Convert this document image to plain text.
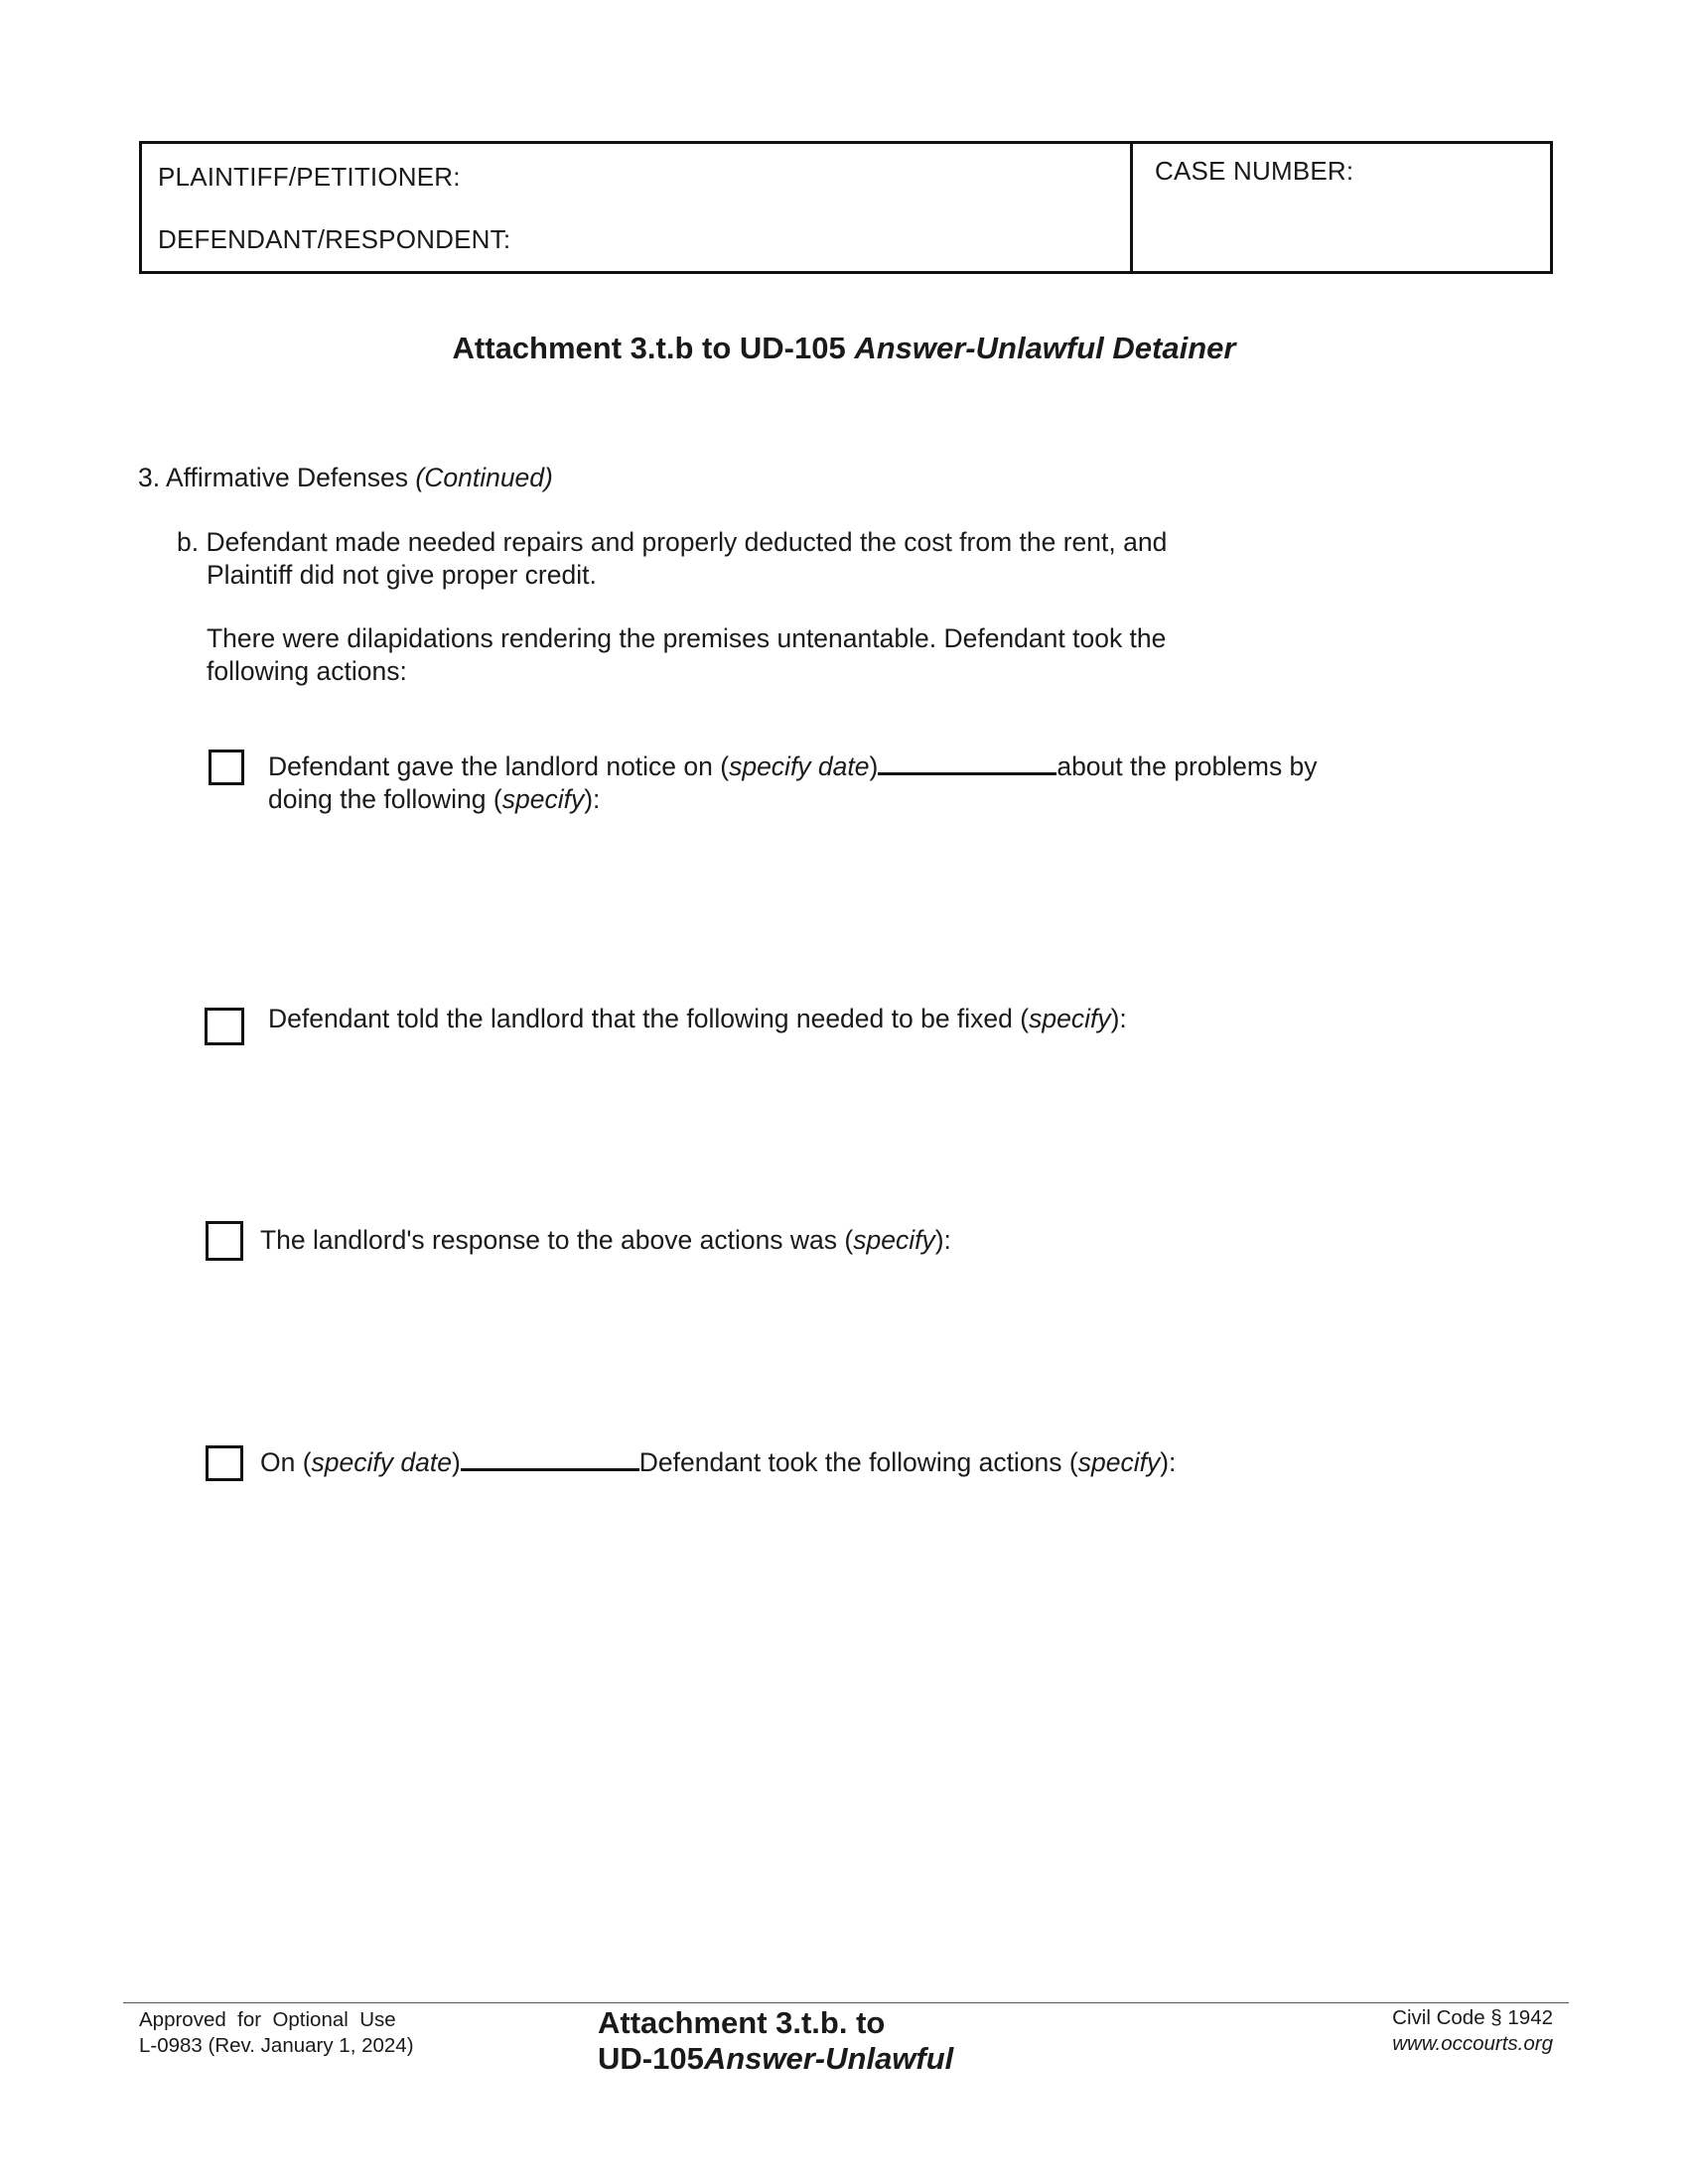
PLAINTIFF/PETITIONER:
DEFENDANT/RESPONDENT:
CASE NUMBER:
Attachment 3.t.b to UD-105 Answer-Unlawful Detainer
3. Affirmative Defenses (Continued)
b. Defendant made needed repairs and properly deducted the cost from the rent, and
Plaintiff did not give proper credit.
There were dilapidations rendering the premises untenantable. Defendant took the
following actions:
Defendant gave the landlord notice on (specify date)	about the problems by
doing the following (specify):
Defendant told the landlord that the following needed to be fixed (specify):
The landlord's response to the above actions was (specify):
On (specify date)	Defendant took the following actions (specify):
Approved  for  Optional  Use
L-0983 (Rev. January 1, 2024)
Attachment 3.t.b. to
UD-105Answer-Unlawful
Civil Code § 1942
www.occourts.org
